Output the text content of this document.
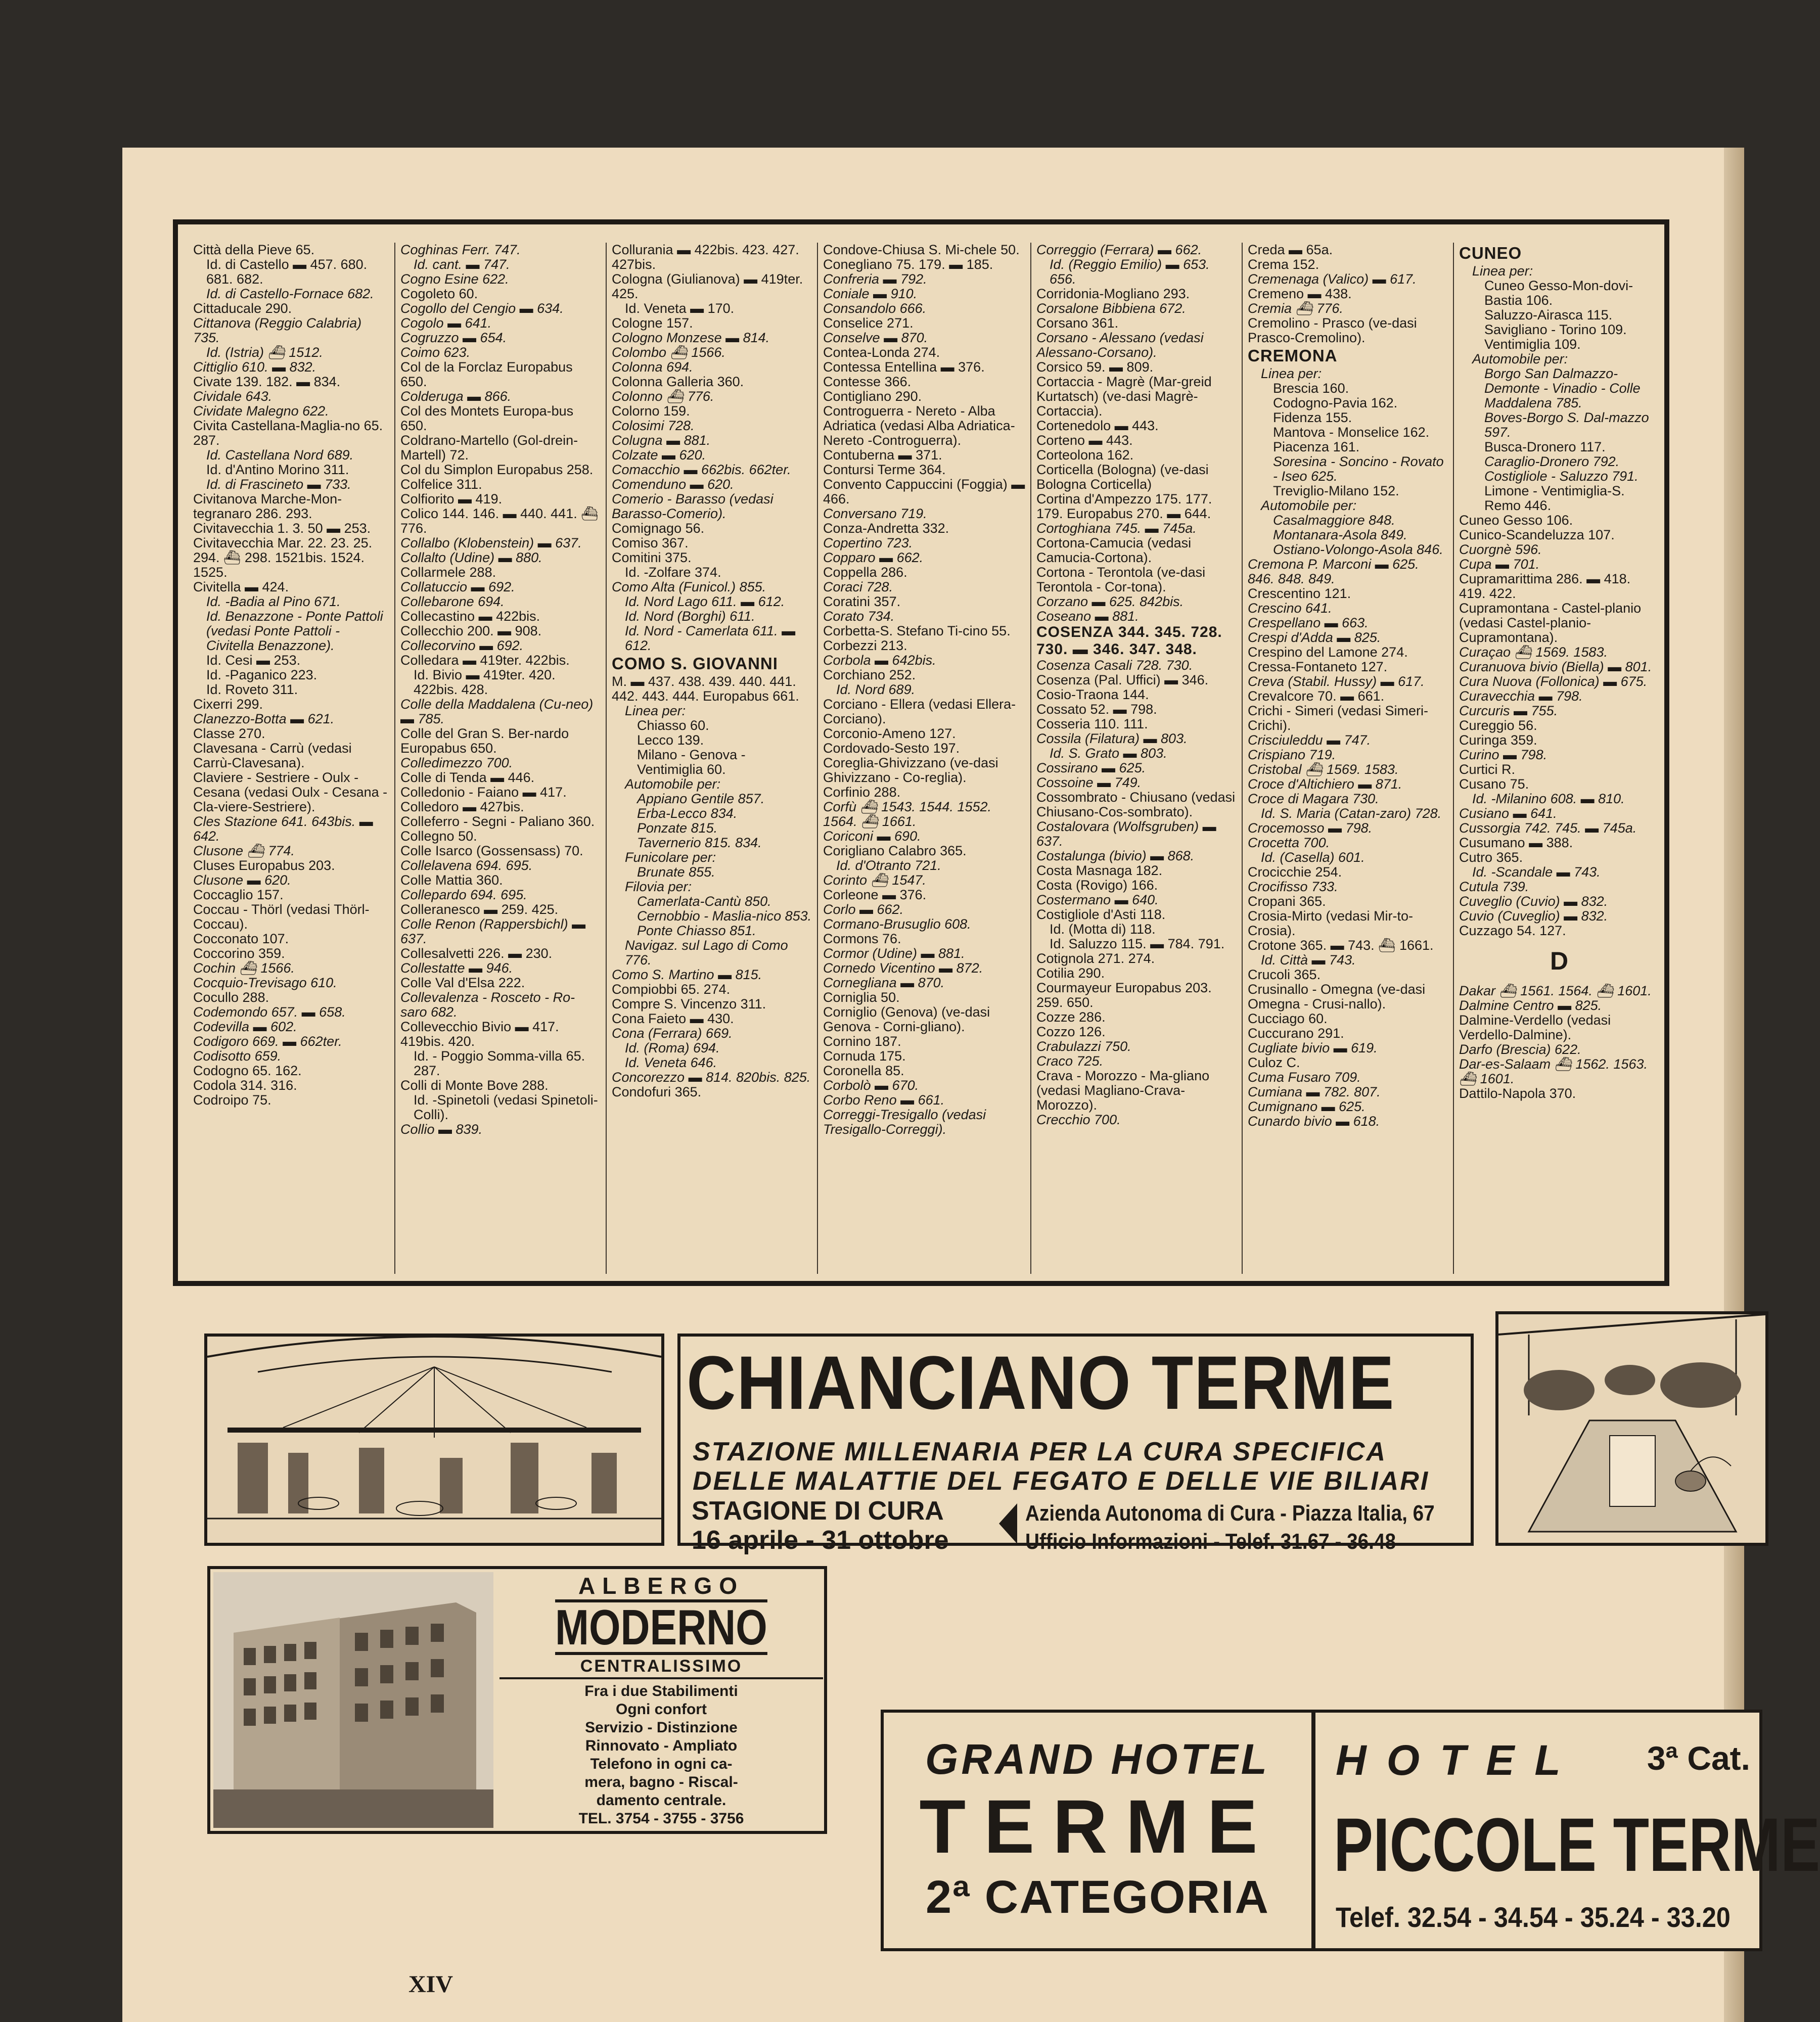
Città della Pieve 65.

Id. di Castello ▬ 457. 680. 681. 682.

Id. di Castello-Fornace 682.

Cittaducale 290.

Cittanova (Reggio Calabria) 735.

Id. (Istria) ⛴ 1512.

Cittiglio 610. ▬ 832.

Civate 139. 182. ▬ 834.

Cividale 643.

Cividate Malegno 622.

Civita Castellana-Maglia-no 65. 287.

Id. Castellana Nord 689.

Id. d'Antino Morino 311.

Id. di Frascineto ▬ 733.

Civitanova Marche-Mon-tegranaro 286. 293.

Civitavecchia 1. 3. 50 ▬ 253.

Civitavecchia Mar. 22. 23. 25. 294. ⛴ 298. 1521bis. 1524. 1525.

Civitella ▬ 424.

Id. -Badia al Pino 671.

Id. Benazzone - Ponte Pattoli (vedasi Ponte Pattoli - Civitella Benazzone).

Id. Cesi ▬ 253.

Id. -Paganico 223.

Id. Roveto 311.

Cixerri 299.

Clanezzo-Botta ▬ 621.

Classe 270.

Clavesana - Carrù (vedasi Carrù-Clavesana).

Claviere - Sestriere - Oulx - Cesana (vedasi Oulx - Cesana - Cla-viere-Sestriere).

Cles Stazione 641. 643bis. ▬ 642.

Clusone ⛴ 774.

Cluses Europabus 203.

Clusone ▬ 620.

Coccaglio 157.

Coccau - Thörl (vedasi Thörl-Coccau).

Cocconato 107.

Coccorino 359.

Cochin ⛴ 1566.

Cocquio-Trevisago 610.

Cocullo 288.

Codemondo 657. ▬ 658.

Codevilla ▬ 602.

Codigoro 669. ▬ 662ter.

Codisotto 659.

Codogno 65. 162.

Codola 314. 316.

Codroipo 75.

Coghinas Ferr. 747.

Id. cant. ▬ 747.

Cogno Esine 622.

Cogoleto 60.

Cogollo del Cengio ▬ 634.

Cogolo ▬ 641.

Cogruzzo ▬ 654.

Coimo 623.

Col de la Forclaz Europabus 650.

Colderuga ▬ 866.

Col des Montets Europa-bus 650.

Coldrano-Martello (Gol-drein-Martell) 72.

Col du Simplon Europabus 258.

Colfelice 311.

Colfiorito ▬ 419.

Colico 144. 146. ▬ 440. 441. ⛴ 776.

Collalbo (Klobenstein) ▬ 637.

Collalto (Udine) ▬ 880.

Collarmele 288.

Collatuccio ▬ 692.

Collebarone 694.

Collecastino ▬ 422bis.

Collecchio 200. ▬ 908.

Collecorvino ▬ 692.

Colledara ▬ 419ter. 422bis.

Id. Bivio ▬ 419ter. 420. 422bis. 428.

Colle della Maddalena (Cu-neo) ▬ 785.

Colle del Gran S. Ber-nardo Europabus 650.

Colledimezzo 700.

Colle di Tenda ▬ 446.

Colledonio - Faiano ▬ 417.

Colledoro ▬ 427bis.

Colleferro - Segni - Paliano 360.

Collegno 50.

Colle Isarco (Gossensass) 70.

Collelavena 694. 695.

Colle Mattia 360.

Collepardo 694. 695.

Colleranesco ▬ 259. 425.

Colle Renon (Rappersbichl) ▬ 637.

Collesalvetti 226. ▬ 230.

Collestatte ▬ 946.

Colle Val d'Elsa 222.

Collevalenza - Rosceto - Ro-saro 682.

Collevecchio Bivio ▬ 417. 419bis. 420.

Id. - Poggio Somma-villa 65. 287.

Colli di Monte Bove 288.

Id. -Spinetoli (vedasi Spinetoli-Colli).

Collio ▬ 839.

Collurania ▬ 422bis. 423. 427. 427bis.

Cologna (Giulianova) ▬ 419ter. 425.

Id. Veneta ▬ 170.

Cologne 157.

Cologno Monzese ▬ 814.

Colombo ⛴ 1566.

Colonna 694.

Colonna Galleria 360.

Colonno ⛴ 776.

Colorno 159.

Colosimi 728.

Colugna ▬ 881.

Colzate ▬ 620.

Comacchio ▬ 662bis. 662ter.

Comenduno ▬ 620.

Comerio - Barasso (vedasi Barasso-Comerio).

Comignago 56.

Comiso 367.

Comitini 375.

Id. -Zolfare 374.

Como Alta (Funicol.) 855.

Id. Nord Lago 611. ▬ 612.

Id. Nord (Borghi) 611.

Id. Nord - Camerlata 611. ▬ 612.

COMO S. GIOVANNI

M. ▬ 437. 438. 439. 440. 441. 442. 443. 444. Europabus 661.

Linea per:

Chiasso 60.

Lecco 139.

Milano - Genova - Ventimiglia 60.

Automobile per:

Appiano Gentile 857.

Erba-Lecco 834.

Ponzate 815.

Tavernerio 815. 834.

Funicolare per:

Brunate 855.

Filovia per:

Camerlata-Cantù 850.

Cernobbio - Maslia-nico 853.

Ponte Chiasso 851.

Navigaz. sul Lago di Como 776.

Como S. Martino ▬ 815.

Compiobbi 65. 274.

Compre S. Vincenzo 311.

Cona Faieto ▬ 430.

Cona (Ferrara) 669.

Id. (Roma) 694.

Id. Veneta 646.

Concorezzo ▬ 814. 820bis. 825.

Condofuri 365.

Condove-Chiusa S. Mi-chele 50.

Conegliano 75. 179. ▬ 185.

Confreria ▬ 792.

Coniale ▬ 910.

Consandolo 666.

Conselice 271.

Conselve ▬ 870.

Contea-Londa 274.

Contessa Entellina ▬ 376.

Contesse 366.

Contigliano 290.

Controguerra - Nereto - Alba Adriatica (vedasi Alba Adriatica-Nereto -Controguerra).

Contuberna ▬ 371.

Contursi Terme 364.

Convento Cappuccini (Foggia) ▬ 466.

Conversano 719.

Conza-Andretta 332.

Copertino 723.

Copparo ▬ 662.

Coppella 286.

Coraci 728.

Coratini 357.

Corato 734.

Corbetta-S. Stefano Ti-cino 55.

Corbezzi 213.

Corbola ▬ 642bis.

Corchiano 252.

Id. Nord 689.

Corciano - Ellera (vedasi Ellera-Corciano).

Corconio-Ameno 127.

Cordovado-Sesto 197.

Coreglia-Ghivizzano (ve-dasi Ghivizzano - Co-reglia).

Corfinio 288.

Corfù ⛴ 1543. 1544. 1552. 1564. ⛴ 1661.

Coriconi ▬ 690.

Corigliano Calabro 365.

Id. d'Otranto 721.

Corinto ⛴ 1547.

Corleone ▬ 376.

Corlo ▬ 662.

Cormano-Brusuglio 608.

Cormons 76.

Cormor (Udine) ▬ 881.

Cornedo Vicentino ▬ 872.

Cornegliana ▬ 870.

Corniglia 50.

Corniglio (Genova) (ve-dasi Genova - Corni-gliano).

Cornino 187.

Cornuda 175.

Coronella 85.

Corbolò ▬ 670.

Corbo Reno ▬ 661.

Correggi-Tresigallo (vedasi Tresigallo-Correggi).

Correggio (Ferrara) ▬ 662.

Id. (Reggio Emilio) ▬ 653. 656.

Corridonia-Mogliano 293.

Corsalone Bibbiena 672.

Corsano 361.

Corsano - Alessano (vedasi Alessano-Corsano).

Corsico 59. ▬ 809.

Cortaccia - Magrè (Mar-greid Kurtatsch) (ve-dasi Magrè-Cortaccia).

Cortenedolo ▬ 443.

Corteno ▬ 443.

Corteolona 162.

Corticella (Bologna) (ve-dasi Bologna Corticella)

Cortina d'Ampezzo 175. 177. 179. Europabus 270. ▬ 644.

Cortoghiana 745. ▬ 745a.

Cortona-Camucia (vedasi Camucia-Cortona).

Cortona - Terontola (ve-dasi Terontola - Cor-tona).

Corzano ▬ 625. 842bis.

Coseano ▬ 881.

COSENZA 344. 345. 728. 730. ▬ 346. 347. 348.

Cosenza Casali 728. 730.

Cosenza (Pal. Uffici) ▬ 346.

Cosio-Traona 144.

Cossato 52. ▬ 798.

Cosseria 110. 111.

Cossila (Filatura) ▬ 803.

Id. S. Grato ▬ 803.

Cossirano ▬ 625.

Cossoine ▬ 749.

Cossombrato - Chiusano (vedasi Chiusano-Cos-sombrato).

Costalovara (Wolfsgruben) ▬ 637.

Costalunga (bivio) ▬ 868.

Costa Masnaga 182.

Costa (Rovigo) 166.

Costermano ▬ 640.

Costigliole d'Asti 118.

Id. (Motta di) 118.

Id. Saluzzo 115. ▬ 784. 791.

Cotignola 271. 274.

Cotilia 290.

Courmayeur Europabus 203. 259. 650.

Cozze 286.

Cozzo 126.

Crabulazzi 750.

Craco 725.

Crava - Morozzo - Ma-gliano (vedasi Magliano-Crava-Morozzo).

Crecchio 700.

Creda ▬ 65a.

Crema 152.

Cremenaga (Valico) ▬ 617.

Cremeno ▬ 438.

Cremia ⛴ 776.

Cremolino - Prasco (ve-dasi Prasco-Cremolino).

CREMONA

Linea per:

Brescia 160.

Codogno-Pavia 162.

Fidenza 155.

Mantova - Monselice 162.

Piacenza 161.

Soresina - Soncino - Rovato - Iseo 625.

Treviglio-Milano 152.

Automobile per:

Casalmaggiore 848.

Montanara-Asola 849.

Ostiano-Volongo-Asola 846.

Cremona P. Marconi ▬ 625. 846. 848. 849.

Crescentino 121.

Crescino 641.

Crespellano ▬ 663.

Crespi d'Adda ▬ 825.

Crespino del Lamone 274.

Cressa-Fontaneto 127.

Creva (Stabil. Hussy) ▬ 617.

Crevalcore 70. ▬ 661.

Crichi - Simeri (vedasi Simeri-Crichi).

Crisciuleddu ▬ 747.

Crispiano 719.

Cristobal ⛴ 1569. 1583.

Croce d'Altichiero ▬ 871.

Croce di Magara 730.

Id. S. Maria (Catan-zaro) 728.

Crocemosso ▬ 798.

Crocetta 700.

Id. (Casella) 601.

Crocicchie 254.

Crocifisso 733.

Cropani 365.

Crosia-Mirto (vedasi Mir-to-Crosia).

Crotone 365. ▬ 743. ⛴ 1661.

Id. Città ▬ 743.

Crucoli 365.

Crusinallo - Omegna (ve-dasi Omegna - Crusi-nallo).

Cucciago 60.

Cuccurano 291.

Cugliate bivio ▬ 619.

Culoz C.

Cuma Fusaro 709.

Cumiana ▬ 782. 807.

Cumignano ▬ 625.

Cunardo bivio ▬ 618.

CUNEO

Linea per:

Cuneo Gesso-Mon-dovi-Bastia 106.

Saluzzo-Airasca 115.

Savigliano - Torino 109.

Ventimiglia 109.

Automobile per:

Borgo San Dalmazzo-Demonte - Vinadio - Colle Maddalena 785.

Boves-Borgo S. Dal-mazzo 597.

Busca-Dronero 117.

Caraglio-Dronero 792.

Costigliole - Saluzzo 791.

Limone - Ventimiglia-S. Remo 446.

Cuneo Gesso 106.

Cunico-Scandeluzza 107.

Cuorgnè 596.

Cupa ▬ 701.

Cupramarittima 286. ▬ 418. 419. 422.

Cupramontana - Castel-planio (vedasi Castel-planio-Cupramontana).

Curaçao ⛴ 1569. 1583.

Curanuova bivio (Biella) ▬ 801.

Cura Nuova (Follonica) ▬ 675.

Curavecchia ▬ 798.

Curcuris ▬ 755.

Cureggio 56.

Curinga 359.

Curino ▬ 798.

Curtici R.

Cusano 75.

Id. -Milanino 608. ▬ 810.

Cusiano ▬ 641.

Cussorgia 742. 745. ▬ 745a.

Cusumano ▬ 388.

Cutro 365.

Id. -Scandale ▬ 743.

Cutula 739.

Cuveglio (Cuvio) ▬ 832.

Cuvio (Cuveglio) ▬ 832.

Cuzzago 54. 127.

D

Dakar ⛴ 1561. 1564. ⛴ 1601.

Dalmine Centro ▬ 825.

Dalmine-Verdello (vedasi Verdello-Dalmine).

Darfo (Brescia) 622.

Dar-es-Salaam ⛴ 1562. 1563. ⛴ 1601.

Dattilo-Napola 370.

CHIANCIANO TERME
STAZIONE MILLENARIA PER LA CURA SPECIFICA
DELLE MALATTIE DEL FEGATO E DELLE VIE BILIARI
STAGIONE DI CURA
16 aprile - 31 ottobre
Azienda Autonoma di Cura - Piazza Italia, 67
Ufficio Informazioni - Telef. 31.67 - 36.48
ALBERGO
MODERNO
CENTRALISSIMO
Fra i due Stabilimenti
Ogni confort
Servizio - Distinzione
Rinnovato - Ampliato
Telefono in ogni ca-
mera, bagno - Riscal-
damento centrale.
TEL. 3754 - 3755 - 3756
GRAND HOTEL
TERME
2ª CATEGORIA
HOTEL 3ª Cat.
PICCOLE TERME
Telef. 32.54 - 34.54 - 35.24 - 33.20
XIV
